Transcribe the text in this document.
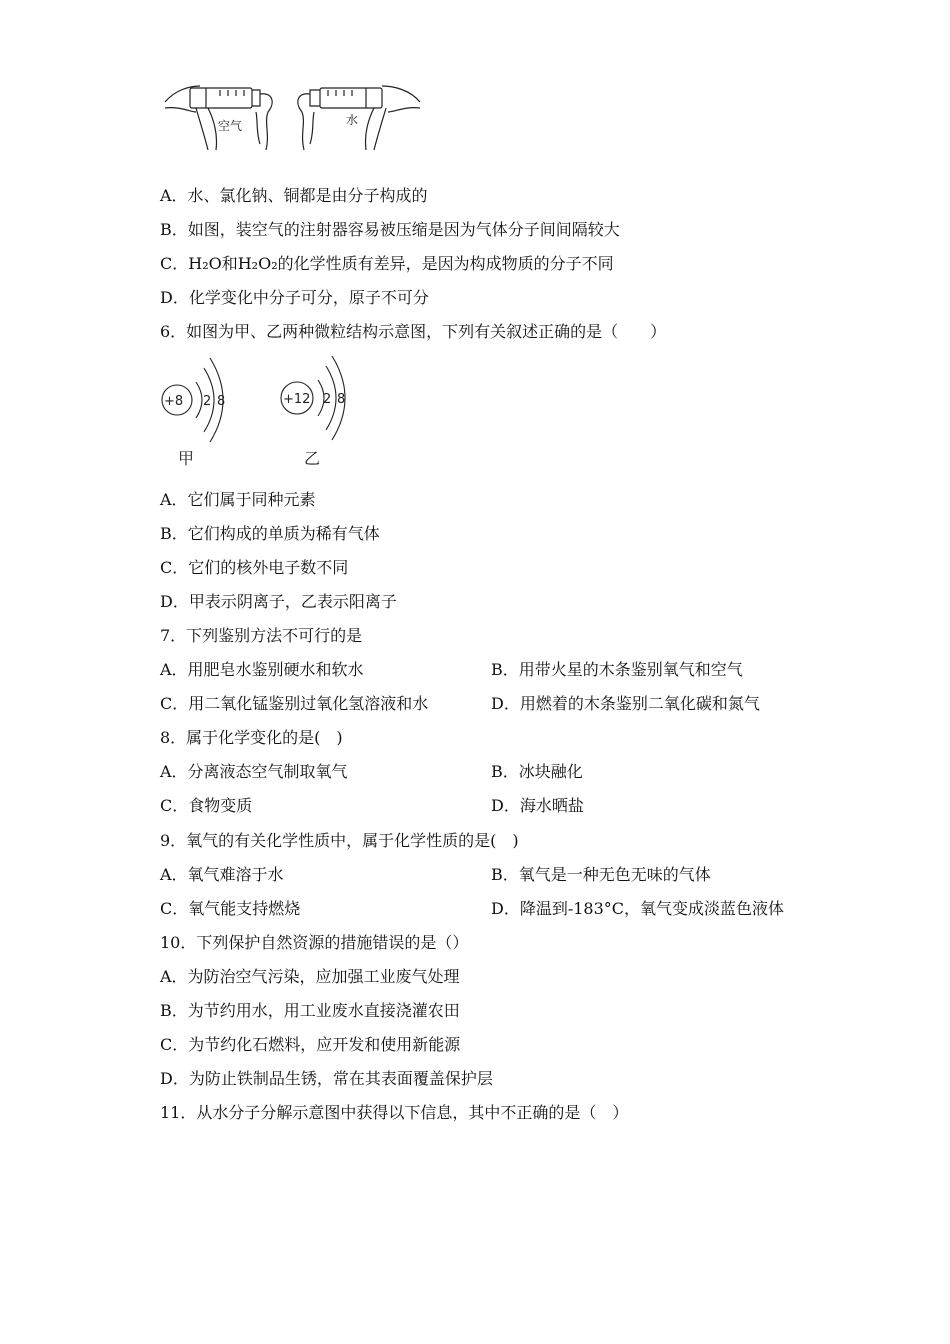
空气	水
A．水、氯化钠、铜都是由分子构成的
B．如图，装空气的注射器容易被压缩是因为气体分子间间隔较大
C．H₂O和H₂O₂的化学性质有差异，是因为构成物质的分子不同
D．化学变化中分子可分，原子不可分
6．如图为甲、乙两种微粒结构示意图，下列有关叙述正确的是（　　）
+8 2 8	+12 2 8
甲	乙
A．它们属于同种元素
B．它们构成的单质为稀有气体
C．它们的核外电子数不同
D．甲表示阴离子，乙表示阳离子
7．下列鉴别方法不可行的是
A．用肥皂水鉴别硬水和软水	B．用带火星的木条鉴别氧气和空气
C．用二氧化锰鉴别过氧化氢溶液和水	D．用燃着的木条鉴别二氧化碳和氮气
8．属于化学变化的是(　)
A．分离液态空气制取氧气	B．冰块融化
C．食物变质	D．海水晒盐
9．氧气的有关化学性质中，属于化学性质的是(　)
A．氧气难溶于水	B．氧气是一种无色无味的气体
C．氧气能支持燃烧	D．降温到-183°C，氧气变成淡蓝色液体
10．下列保护自然资源的措施错误的是（）
A．为防治空气污染，应加强工业废气处理
B．为节约用水，用工业废水直接浇灌农田
C．为节约化石燃料，应开发和使用新能源
D．为防止铁制品生锈，常在其表面覆盖保护层
11．从水分子分解示意图中获得以下信息，其中不正确的是（　）
